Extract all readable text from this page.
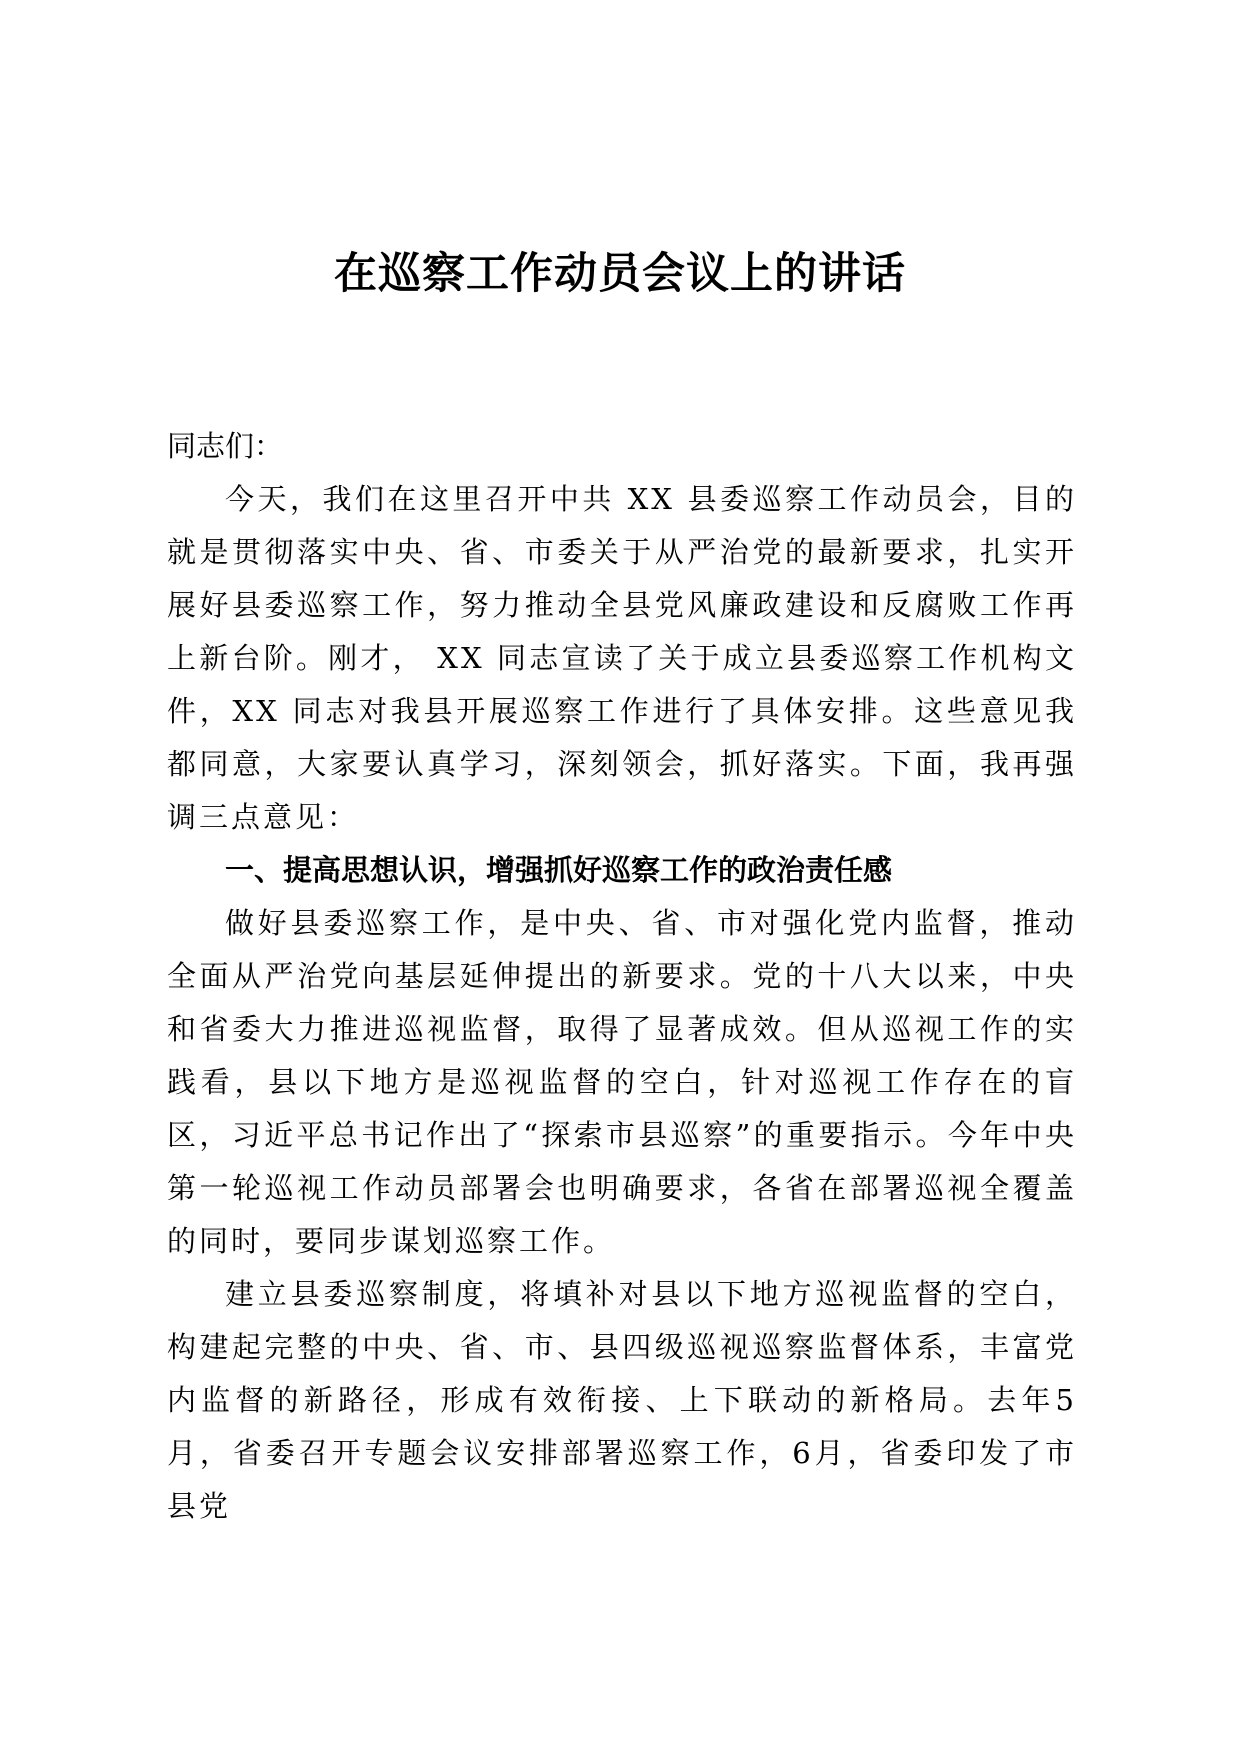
在巡察工作动员会议上的讲话

同志们：

今天，我们在这里召开中共 XX 县委巡察工作动员会，目的就是贯彻落实中央、省、市委关于从严治党的最新要求，扎实开展好县委巡察工作，努力推动全县党风廉政建设和反腐败工作再上新台阶。刚才， XX 同志宣读了关于成立县委巡察工作机构文件，XX 同志对我县开展巡察工作进行了具体安排。这些意见我都同意，大家要认真学习，深刻领会，抓好落实。下面，我再强调三点意见：

一、提高思想认识，增强抓好巡察工作的政治责任感

做好县委巡察工作，是中央、省、市对强化党内监督，推动全面从严治党向基层延伸提出的新要求。党的十八大以来，中央和省委大力推进巡视监督，取得了显著成效。但从巡视工作的实践看，县以下地方是巡视监督的空白，针对巡视工作存在的盲区，习近平总书记作出了“探索市县巡察”的重要指示。今年中央第一轮巡视工作动员部署会也明确要求，各省在部署巡视全覆盖的同时，要同步谋划巡察工作。

建立县委巡察制度，将填补对县以下地方巡视监督的空白，构建起完整的中央、省、市、县四级巡视巡察监督体系，丰富党内监督的新路径，形成有效衔接、上下联动的新格局。去年5月，省委召开专题会议安排部署巡察工作，6月，省委印发了市县党
